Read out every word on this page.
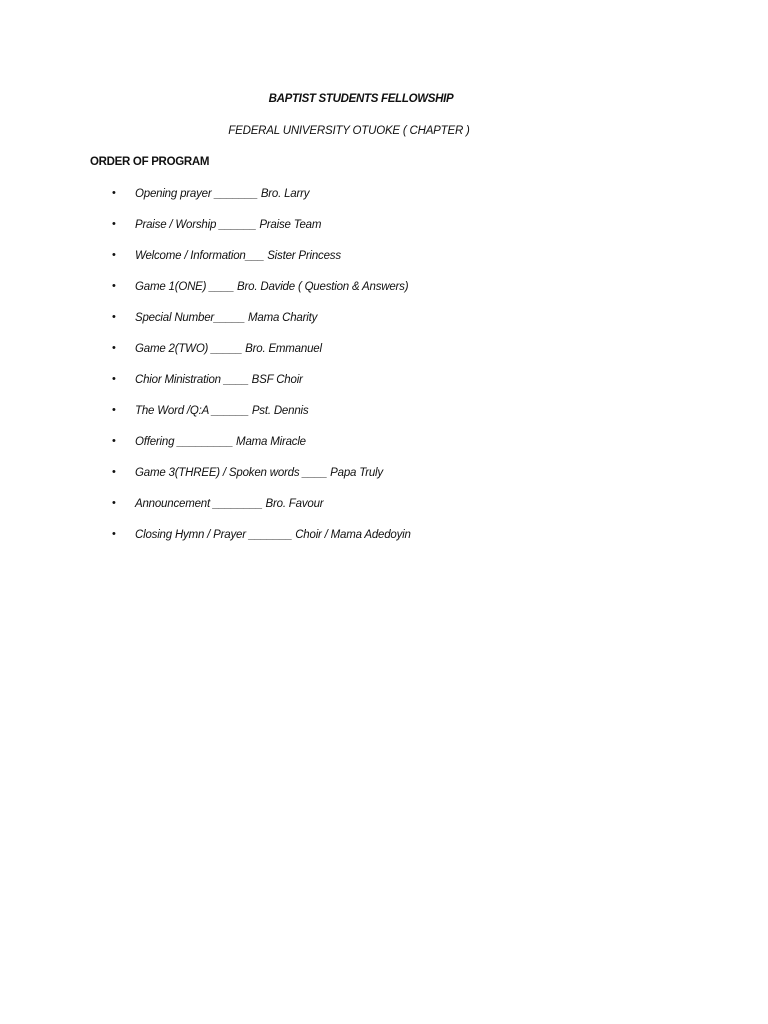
BAPTIST STUDENTS FELLOWSHIP
FEDERAL UNIVERSITY OTUOKE ( CHAPTER )
ORDER OF PROGRAM

•

Opening prayer _______ Bro. Larry

•

Praise / Worship ______ Praise Team

•

Welcome / Information___ Sister Princess

•

Game 1(ONE) ____ Bro. Davide ( Question & Answers)

•

Special Number_____ Mama Charity

•

Game 2(TWO) _____ Bro. Emmanuel

•

Chior Ministration ____ BSF Choir

•

The Word /Q:A ______ Pst. Dennis

•

Offering _________ Mama Miracle

•

Game 3(THREE) / Spoken words ____ Papa Truly

•

Announcement ________ Bro. Favour

•

Closing Hymn / Prayer _______ Choir / Mama Adedoyin
